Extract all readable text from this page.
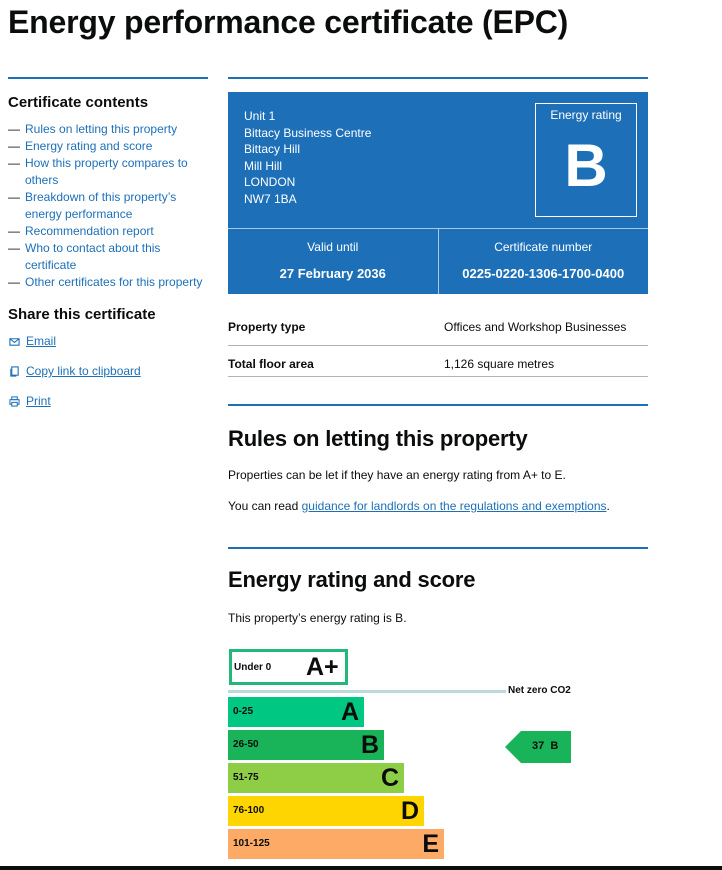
Energy performance certificate (EPC)
Certificate contents
— Rules on letting this property
— Energy rating and score
— How this property compares to others
— Breakdown of this property’s energy performance
— Recommendation report
— Who to contact about this certificate
— Other certificates for this property
Share this certificate
Email
Copy link to clipboard
Print
Unit 1
Bittacy Business Centre
Bittacy Hill
Mill Hill
LONDON
NW7 1BA
Energy rating
B
Valid until
27 February 2036
Certificate number
0225-0220-1306-1700-0400
Property type	Offices and Workshop Businesses
Total floor area	1,126 square metres
Rules on letting this property

Properties can be let if they have an energy rating from A+ to E.

You can read guidance for landlords on the regulations and exemptions.

Energy rating and score

This property’s energy rating is B.

Under 0 A+
Net zero CO2
0-25	A
26-50	B
51-75	C
76-100	D
101-125	E
37 B
